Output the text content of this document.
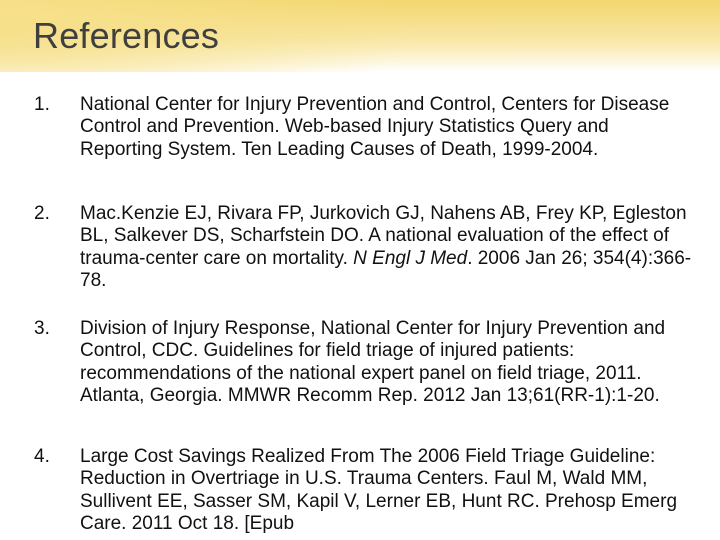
References
1. National Center for Injury Prevention and Control, Centers for Disease Control and Prevention. Web-based Injury Statistics Query and Reporting System. Ten Leading Causes of Death, 1999-2004.
2. Mac.Kenzie EJ, Rivara FP, Jurkovich GJ, Nahens AB, Frey KP, Egleston BL, Salkever DS, Scharfstein DO. A national evaluation of the effect of trauma-center care on mortality. N Engl J Med. 2006 Jan 26; 354(4):366-78.
3. Division of Injury Response, National Center for Injury Prevention and Control, CDC. Guidelines for field triage of injured patients: recommendations of the national expert panel on field triage, 2011. Atlanta, Georgia. MMWR Recomm Rep. 2012 Jan 13;61(RR-1):1-20.
4. Large Cost Savings Realized From The 2006 Field Triage Guideline: Reduction in Overtriage in U.S. Trauma Centers. Faul M, Wald MM, Sullivent EE, Sasser SM, Kapil V, Lerner EB, Hunt RC. Prehosp Emerg Care. 2011 Oct 18. [Epub
